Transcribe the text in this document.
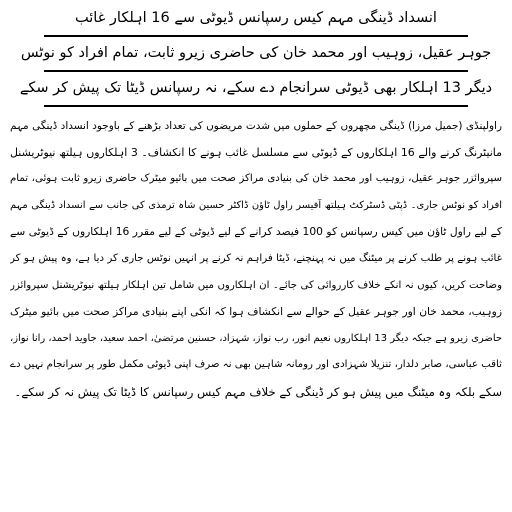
انسداد ڈینگی مہم کیس رسپانس ڈیوٹی سے 16 اہلکار غائب
جوہر عقیل، زوہیب اور محمد خان کی حاضری زیرو ثابت، تمام افراد کو نوٹس
دیگر 13 اہلکار بھی ڈیوٹی سرانجام دے سکے، نہ رسپانس ڈیٹا تک پیش کر سکے
راولپنڈی (جمیل مرزا) ڈینگی مچھروں کے حملوں میں شدت مریضوں کی تعداد بڑھنے کے باوجود انسداد ڈینگی مہم
مانیٹرنگ کرنے والے 16 اہلکاروں کے ڈیوٹی سے مسلسل غائب ہونے کا انکشاف۔ 3 اہلکاروں ہیلتھ نیوٹریشنل
سپروائزر جوہر عقیل، زوہیب اور محمد خان کی بنیادی مراکز صحت میں بائیو میٹرک حاضری زیرو ثابت ہوئی، تمام
افراد کو نوٹس جاری۔ ڈپٹی ڈسٹرکٹ ہیلتھ آفیسر راول ٹاؤن ڈاکٹر حسین شاہ ترمذی کی جانب سے انسداد ڈینگی مہم
کے لیے راول ٹاؤن میں کیس رسپانس کو 100 فیصد کرانے کے لیے ڈیوٹی کے لیے مقرر 16 اہلکاروں کے ڈیوٹی سے
غائب ہونے پر طلب کرنے پر میٹنگ میں نہ پہنچنے، ڈیٹا فراہم نہ کرنے پر انہیں نوٹس جاری کر دیا ہے، وہ پیش ہو کر
وضاحت کریں، کیوں نہ انکے خلاف کارروائی کی جائے۔ ان اہلکاروں میں شامل تین اہلکار ہیلتھ نیوٹریشنل سپروائزر
زوہیب، محمد خان اور جوہر عقیل کے حوالے سے انکشاف ہوا کہ انکی اپنے بنیادی مراکز صحت میں بائیو میٹرک
حاضری زیرو ہے جبکہ دیگر 13 اہلکاروں نعیم انور، رب نواز، شہزاد، حسنین مرتضیٰ، احمد سعید، جاوید احمد، رانا نواز،
ثاقب عباسی، صابر دلدار، تنزیلا شہزادی اور رومانہ شاہین بھی نہ صرف اپنی ڈیوٹی مکمل طور پر سرانجام نہیں دے
سکے بلکہ وہ میٹنگ میں پیش ہو کر ڈینگی کے خلاف مہم کیس رسپانس کا ڈیٹا تک پیش نہ کر سکے۔
